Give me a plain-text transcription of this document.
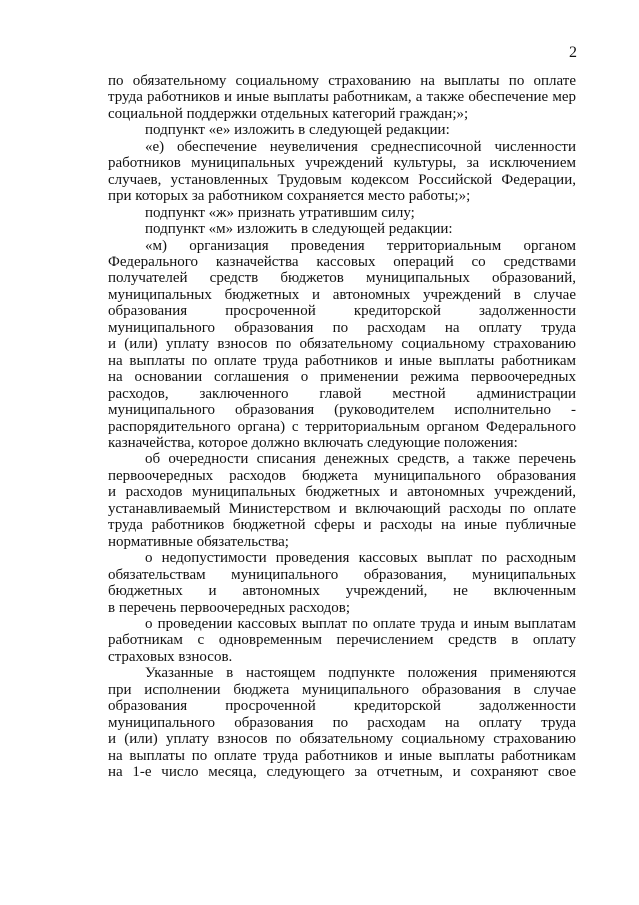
2
по обязательному социальному страхованию на выплаты по оплате
труда работников и иные выплаты работникам, а также обеспечение мер
социальной поддержки отдельных категорий граждан;»;
подпункт «е» изложить в следующей редакции:
«е) обеспечение неувеличения среднесписочной численности
работников муниципальных учреждений культуры, за исключением
случаев, установленных Трудовым кодексом Российской Федерации,
при которых за работником сохраняется место работы;»;
подпункт «ж» признать утратившим силу;
подпункт «м» изложить в следующей редакции:
«м) организация проведения территориальным органом
Федерального казначейства кассовых операций со средствами
получателей средств бюджетов муниципальных образований,
муниципальных бюджетных и автономных учреждений в случае
образования просроченной кредиторской задолженности
муниципального образования по расходам на оплату труда
и (или) уплату взносов по обязательному социальному страхованию
на выплаты по оплате труда работников и иные выплаты работникам
на основании соглашения о применении режима первоочередных
расходов, заключенного главой местной администрации
муниципального образования (руководителем исполнительно -
распорядительного органа) с территориальным органом Федерального
казначейства, которое должно включать следующие положения:
об очередности списания денежных средств, а также перечень
первоочередных расходов бюджета муниципального образования
и расходов муниципальных бюджетных и автономных учреждений,
устанавливаемый Министерством и включающий расходы по оплате
труда работников бюджетной сферы и расходы на иные публичные
нормативные обязательства;
о недопустимости проведения кассовых выплат по расходным
обязательствам муниципального образования, муниципальных
бюджетных и автономных учреждений, не включенным
в перечень первоочередных расходов;
о проведении кассовых выплат по оплате труда и иным выплатам
работникам с одновременным перечислением средств в оплату
страховых взносов.
Указанные в настоящем подпункте положения применяются
при исполнении бюджета муниципального образования в случае
образования просроченной кредиторской задолженности
муниципального образования по расходам на оплату труда
и (или) уплату взносов по обязательному социальному страхованию
на выплаты по оплате труда работников и иные выплаты работникам
на 1-е число месяца, следующего за отчетным, и сохраняют свое
